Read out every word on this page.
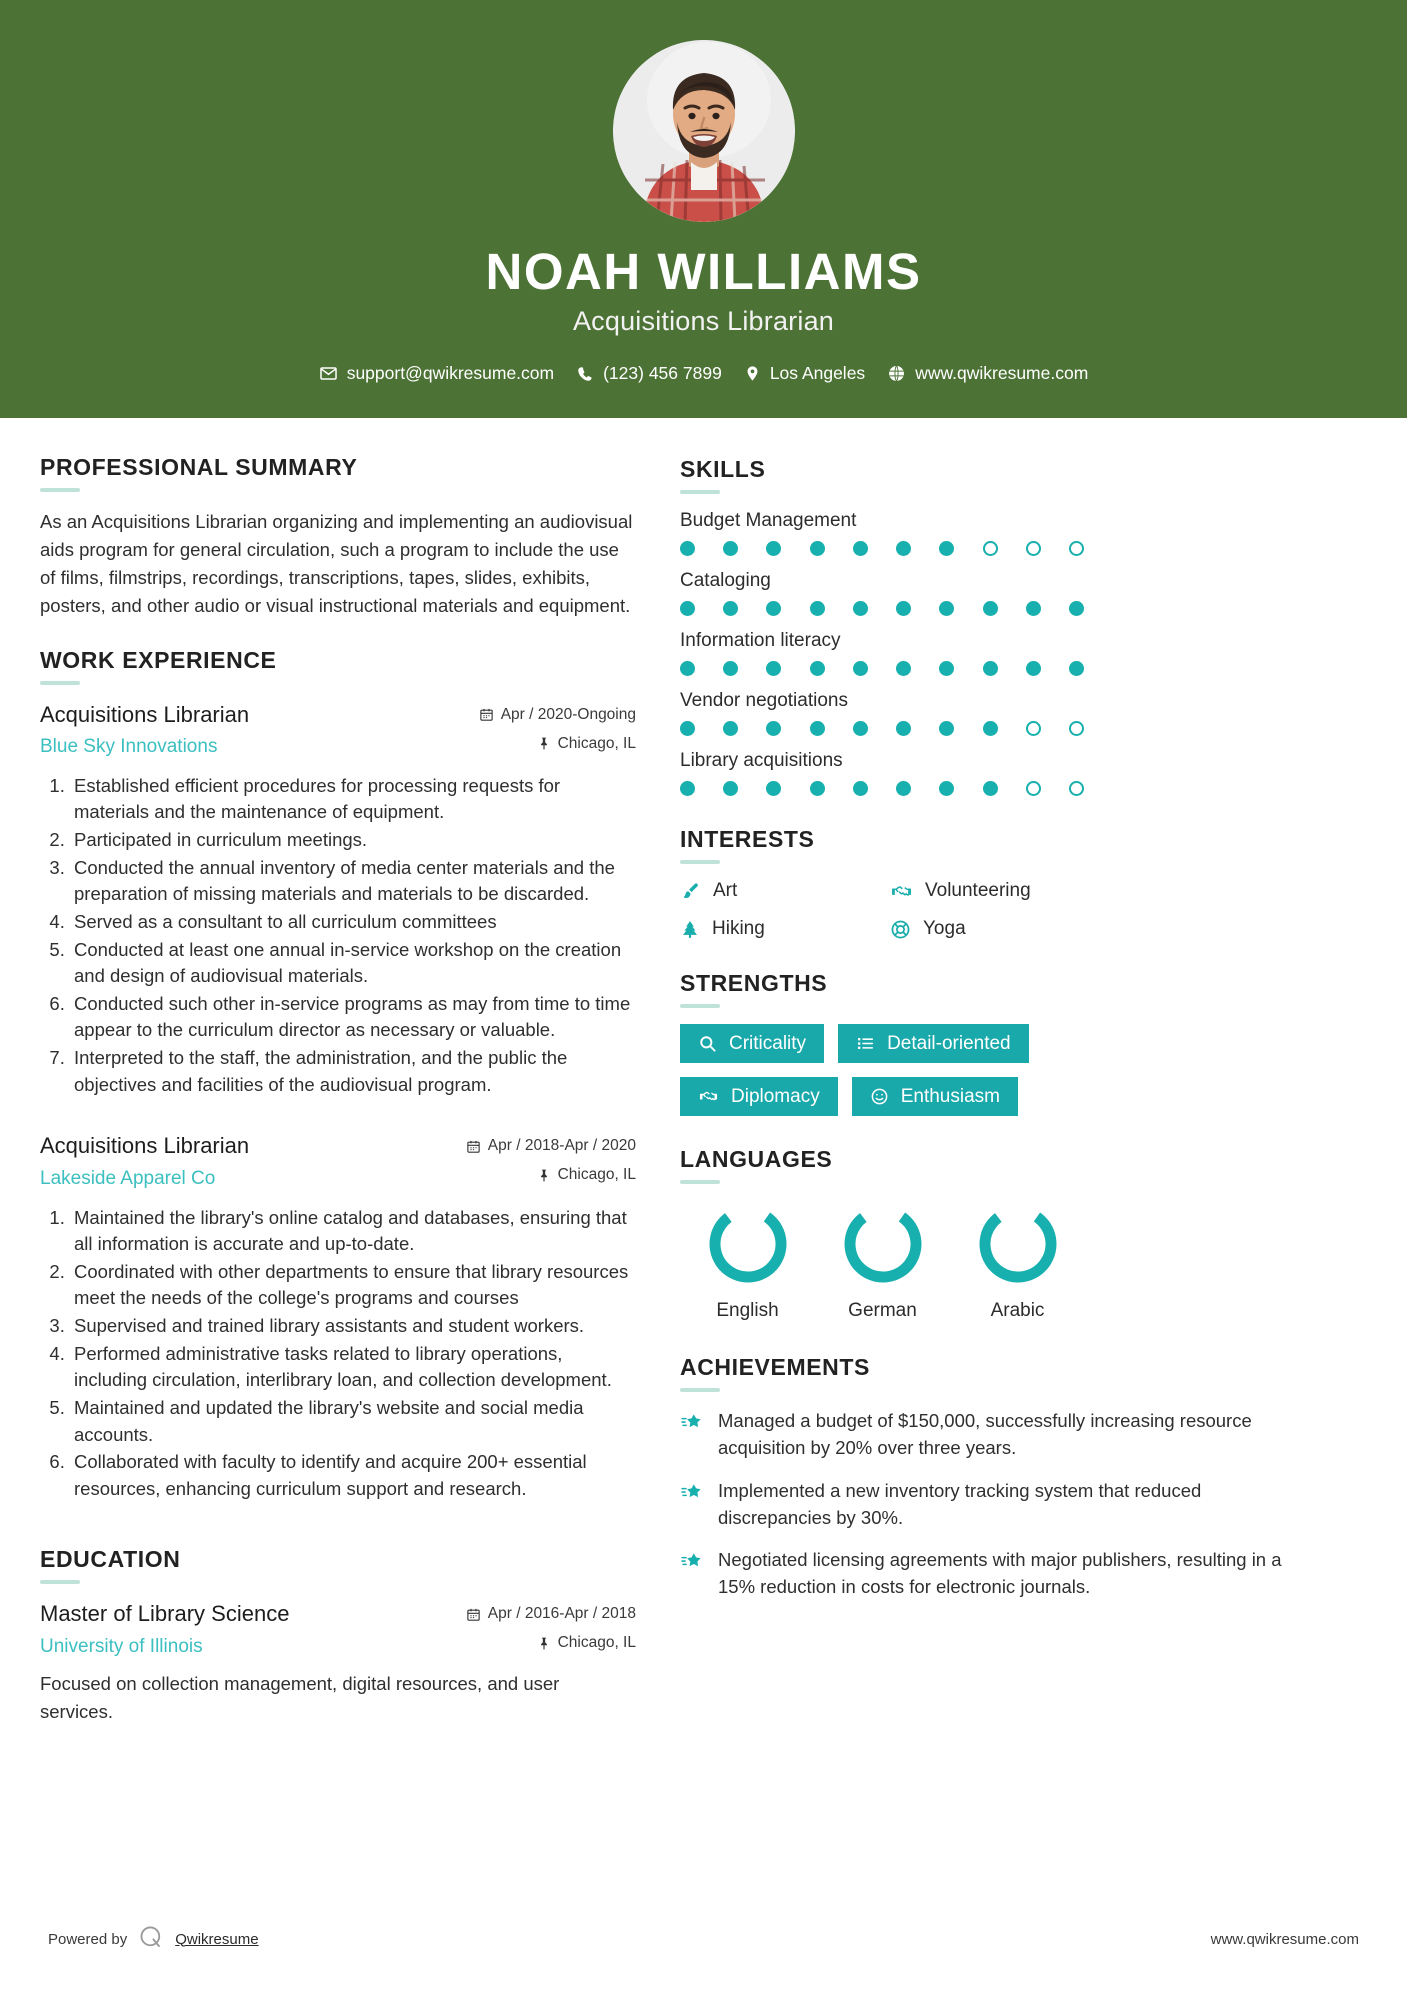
NOAH WILLIAMS
Acquisitions Librarian
support@qwikresume.com	(123) 456 7899	Los Angeles	www.qwikresume.com
PROFESSIONAL SUMMARY
As an Acquisitions Librarian organizing and implementing an audiovisual aids program for general circulation, such a program to include the use of films, filmstrips, recordings, transcriptions, tapes, slides, exhibits, posters, and other audio or visual instructional materials and equipment.
WORK EXPERIENCE
Acquisitions Librarian
Blue Sky Innovations
Apr / 2020-Ongoing
Chicago, IL
1. Established efficient procedures for processing requests for materials and the maintenance of equipment.
2. Participated in curriculum meetings.
3. Conducted the annual inventory of media center materials and the preparation of missing materials and materials to be discarded.
4. Served as a consultant to all curriculum committees
5. Conducted at least one annual in-service workshop on the creation and design of audiovisual materials.
6. Conducted such other in-service programs as may from time to time appear to the curriculum director as necessary or valuable.
7. Interpreted to the staff, the administration, and the public the objectives and facilities of the audiovisual program.
Acquisitions Librarian
Lakeside Apparel Co
Apr / 2018-Apr / 2020
Chicago, IL
1. Maintained the library's online catalog and databases, ensuring that all information is accurate and up-to-date.
2. Coordinated with other departments to ensure that library resources meet the needs of the college's programs and courses
3. Supervised and trained library assistants and student workers.
4. Performed administrative tasks related to library operations, including circulation, interlibrary loan, and collection development.
5. Maintained and updated the library's website and social media accounts.
6. Collaborated with faculty to identify and acquire 200+ essential resources, enhancing curriculum support and research.
EDUCATION
Master of Library Science
University of Illinois
Apr / 2016-Apr / 2018
Chicago, IL
Focused on collection management, digital resources, and user services.
SKILLS
Budget Management
Cataloging
Information literacy
Vendor negotiations
Library acquisitions
INTERESTS
Art	Volunteering
Hiking	Yoga
STRENGTHS
Criticality	Detail-oriented
Diplomacy	Enthusiasm
LANGUAGES
English	German	Arabic
ACHIEVEMENTS
Managed a budget of $150,000, successfully increasing resource acquisition by 20% over three years.
Implemented a new inventory tracking system that reduced discrepancies by 30%.
Negotiated licensing agreements with major publishers, resulting in a 15% reduction in costs for electronic journals.
Powered by	Qwikresume	www.qwikresume.com
